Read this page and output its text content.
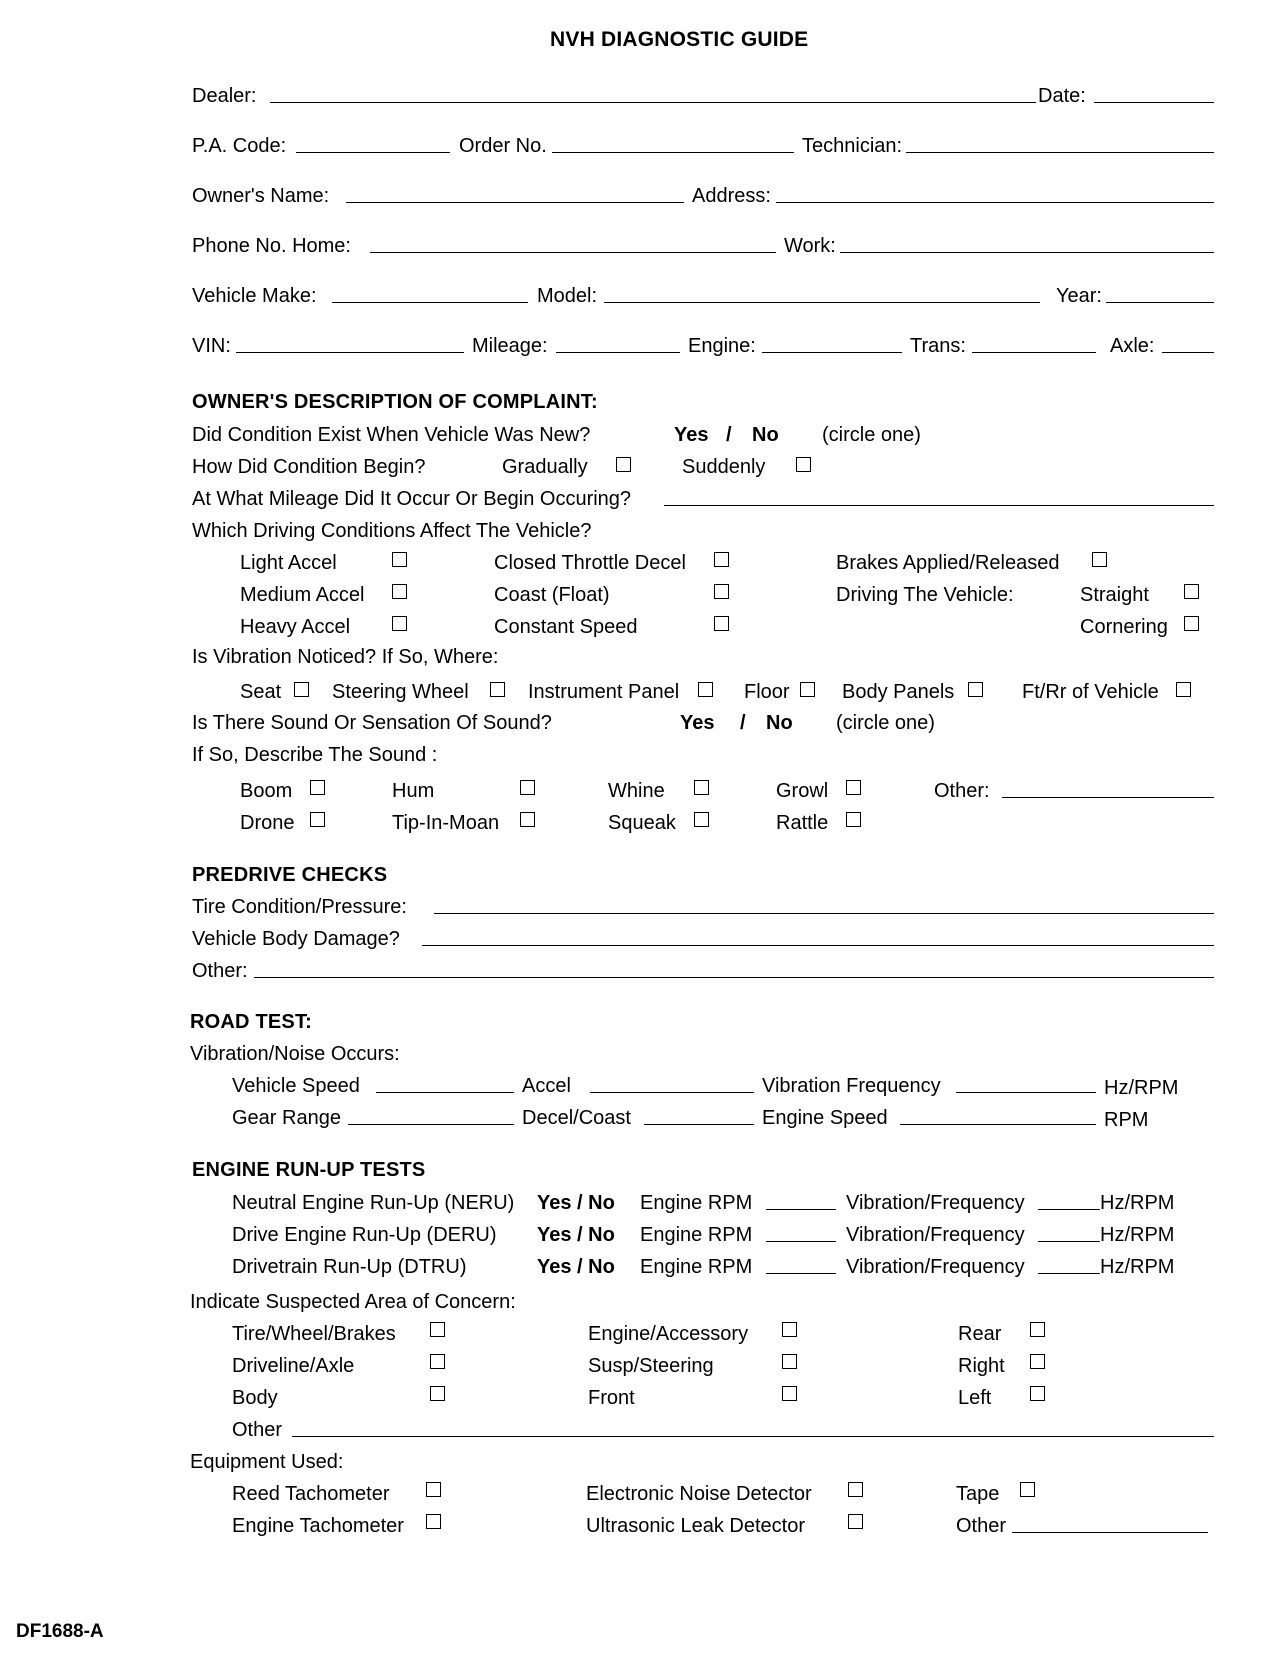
NVH DIAGNOSTIC GUIDE
Dealer:	Date:
P.A. Code:	Order No.	Technician:
Owner's Name:	Address:
Phone No. Home:	Work:
Vehicle Make:	Model:	Year:
VIN:	Mileage:	Engine:	Trans:	Axle:
OWNER'S DESCRIPTION OF COMPLAINT:
Did Condition Exist When Vehicle Was New?	Yes / No (circle one)
How Did Condition Begin?	Gradually	Suddenly
At What Mileage Did It Occur Or Begin Occuring?
Which Driving Conditions Affect The Vehicle?
Light Accel	Closed Throttle Decel	Brakes Applied/Released
Medium Accel	Coast (Float)	Driving The Vehicle:	Straight
Heavy Accel	Constant Speed	Cornering
Is Vibration Noticed? If So, Where:
Seat	Steering Wheel	Instrument Panel	Floor	Body Panels	Ft/Rr of Vehicle
Is There Sound Or Sensation Of Sound?	Yes / No (circle one)
If So, Describe The Sound :
Boom	Hum	Whine	Growl	Other:
Drone	Tip-In-Moan	Squeak	Rattle
PREDRIVE CHECKS
Tire Condition/Pressure:
Vehicle Body Damage?
Other:
ROAD TEST:
Vibration/Noise Occurs:
Vehicle Speed	Accel	Vibration Frequency	Hz/RPM
Gear Range	Decel/Coast	Engine Speed	RPM
ENGINE RUN-UP TESTS
Neutral Engine Run-Up (NERU) Yes / No Engine RPM	Vibration/Frequency	Hz/RPM
Drive Engine Run-Up (DERU) Yes / No Engine RPM	Vibration/Frequency	Hz/RPM
Drivetrain Run-Up (DTRU)	Yes / No Engine RPM	Vibration/Frequency	Hz/RPM
Indicate Suspected Area of Concern:
Tire/Wheel/Brakes	Engine/Accessory	Rear
Driveline/Axle	Susp/Steering	Right
Body	Front	Left
Other
Equipment Used:
Reed Tachometer	Electronic Noise Detector	Tape
Engine Tachometer	Ultrasonic Leak Detector	Other
DF1688-A
